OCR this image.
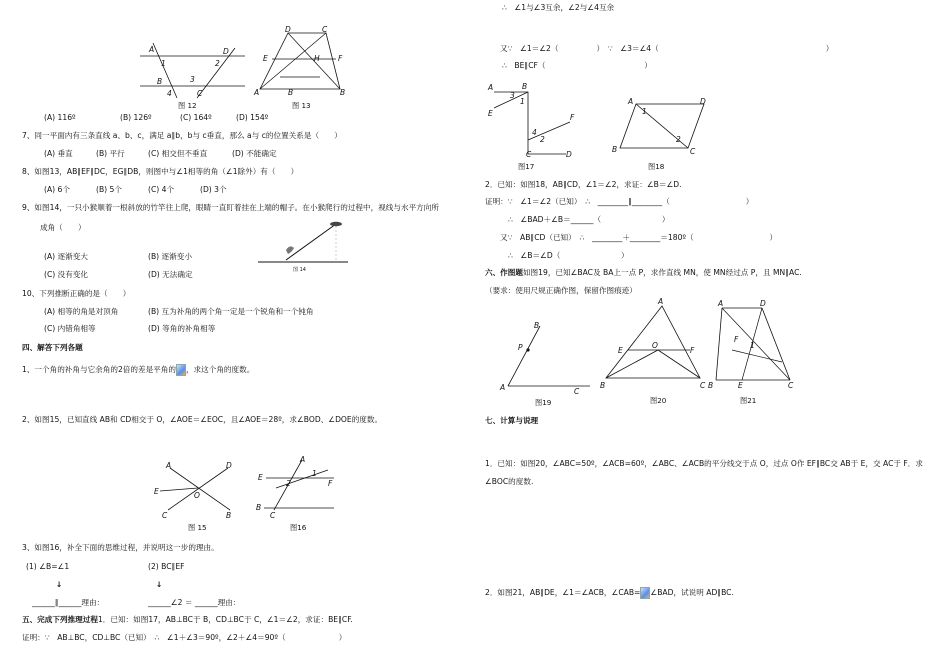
A	D
1	2
3
B
4	C
图 12
D	C
E	H F
A	B	B
图 13
(A) 116º	(B) 126º	(C) 164º	(D) 154º
7、同一平面内有三条直线 a、b、c，满足 a∥b，b与 c垂直，那么 a与 c的位置关系是（　　）
(A) 垂直	(B) 平行	(C) 相交但不垂直	(D) 不能确定
8、如图13，AB∥EF∥DC，EG∥DB，则图中与∠1相等的角（∠1除外）有（　　）
(A) 6个	(B) 5个	(C) 4个	(D) 3个
9、如图14，一只小猴顺着一根斜放的竹竿往上爬，眼睛一直盯着挂在上端的帽子。在小猴爬行的过程中，视线与水平方向所
成角（　　）
(A) 逐渐变大	(B) 逐渐变小
(C) 没有变化	(D) 无法确定	图 14
10、下列推断正确的是（　　）
(A) 相等的角是对顶角	(B) 互为补角的两个角一定是一个锐角和一个钝角
(C) 内错角相等	(D) 等角的补角相等
四、解答下列各题
1、一个角的补角与它余角的2倍的差是平角的 ，求这个角的度数。
2、如图15，已知直线 AB和 CD相交于 O，∠AOE＝∠EOC，且∠AOE＝28º，求∠BOD、∠DOE的度数。
A	D
E	O
C	B
图 15
A
E	1
2	F
B
C
图16
3、如图16，补全下面的思维过程，并说明这一步的理由。
(1) ∠B=∠1	(2) BC∥EF
↓	↓
______∥______理由：	______∠2 ＝ ______理由：
五、完成下列推理过程1．已知：如图17，AB⊥BC于 B，CD⊥BC于 C，∠1＝∠2，求证：BE∥CF.
证明：∵　AB⊥BC，CD⊥BC（已知）　∴　∠1＋∠3＝90º，∠2＋∠4＝90º（　　　　　　　）
∴　∠1与∠3互余，∠2与∠4互余
又∵　∠1＝∠2（　　　　　）　∵　∠3＝∠4（　　　　　　　　　　　　　　　　　　　　　　）
∴　BE∥CF（　　　　　　　　　　　　　）
A
3
1
E
4
2
F
B
C	D
图17
A
1
D
B
2
C
图18
2．已知：如图18，AB∥CD，∠1＝∠2，求证：∠B＝∠D.
证明：∵　∠1＝∠2（已知）　∴　________∥________（　　　　　　　　　　）
∴　∠BAD＋∠B＝______（　　　　　　　　）
又∵　AB∥CD（已知）　∴　________＋________＝180º（　　　　　　　　　　）
∴　∠B＝∠D（　　　　　　　　）
六、作图题如图19，已知∠BAC及 BA上一点 P，求作直线 MN，使 MN经过点 P，且 MN∥AC.
（要求：使用尺规正确作图，保留作图痕迹）
B
P
A	C
图19
A
E
O
F
B	C
图20
A	D
F
1
B	E	C
图21
七、计算与说理
1．已知：如图20，∠ABC=50º，∠ACB=60º，∠ABC、∠ACB的平分线交于点 O，过点 O作 EF∥BC交 AB于 E，交 AC于 F．求
∠BOC的度数.
2．如图21，AB∥DE，∠1＝∠ACB，∠CAB= ∠BAD，试说明 AD∥BC.
